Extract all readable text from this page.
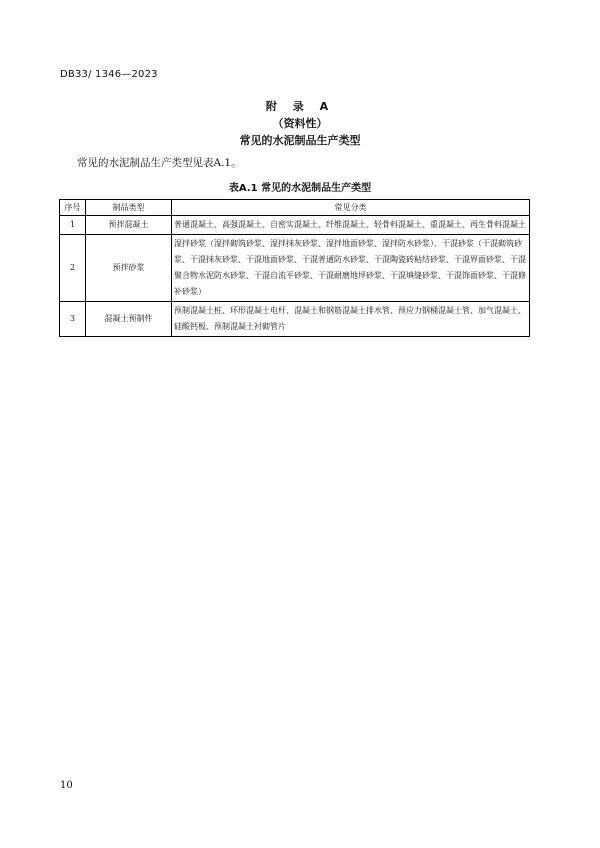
DB33/ 1346—2023
附 录 A
（资料性）
常见的水泥制品生产类型
常见的水泥制品生产类型见表A.1。
表A.1 常见的水泥制品生产类型
序号	制品类型	常见分类
1	预拌混凝土	普通混凝土、高强混凝土、自密实混凝土、纤维混凝土、轻骨料混凝土、重混凝土、再生骨料混凝土
2	预拌砂浆	湿拌砂浆（湿拌砌筑砂浆、湿拌抹灰砂浆、湿拌地面砂浆、湿拌防水砂浆）、干混砂浆（干混砌筑砂浆、干混抹灰砂浆、干混地面砂浆、干混普通防水砂浆、干混陶瓷砖粘结砂浆、干混界面砂浆、干混聚合物水泥防水砂浆、干混自流平砂浆、干混耐磨地坪砂浆、干混填缝砂浆、干混饰面砂浆、干混修补砂浆）
3	混凝土预制件	预制混凝土桩、环形混凝土电杆、混凝土和钢筋混凝土排水管、预应力钢桶混凝土管、加气混凝土、硅酸钙板、预制混凝土衬砌管片
10
